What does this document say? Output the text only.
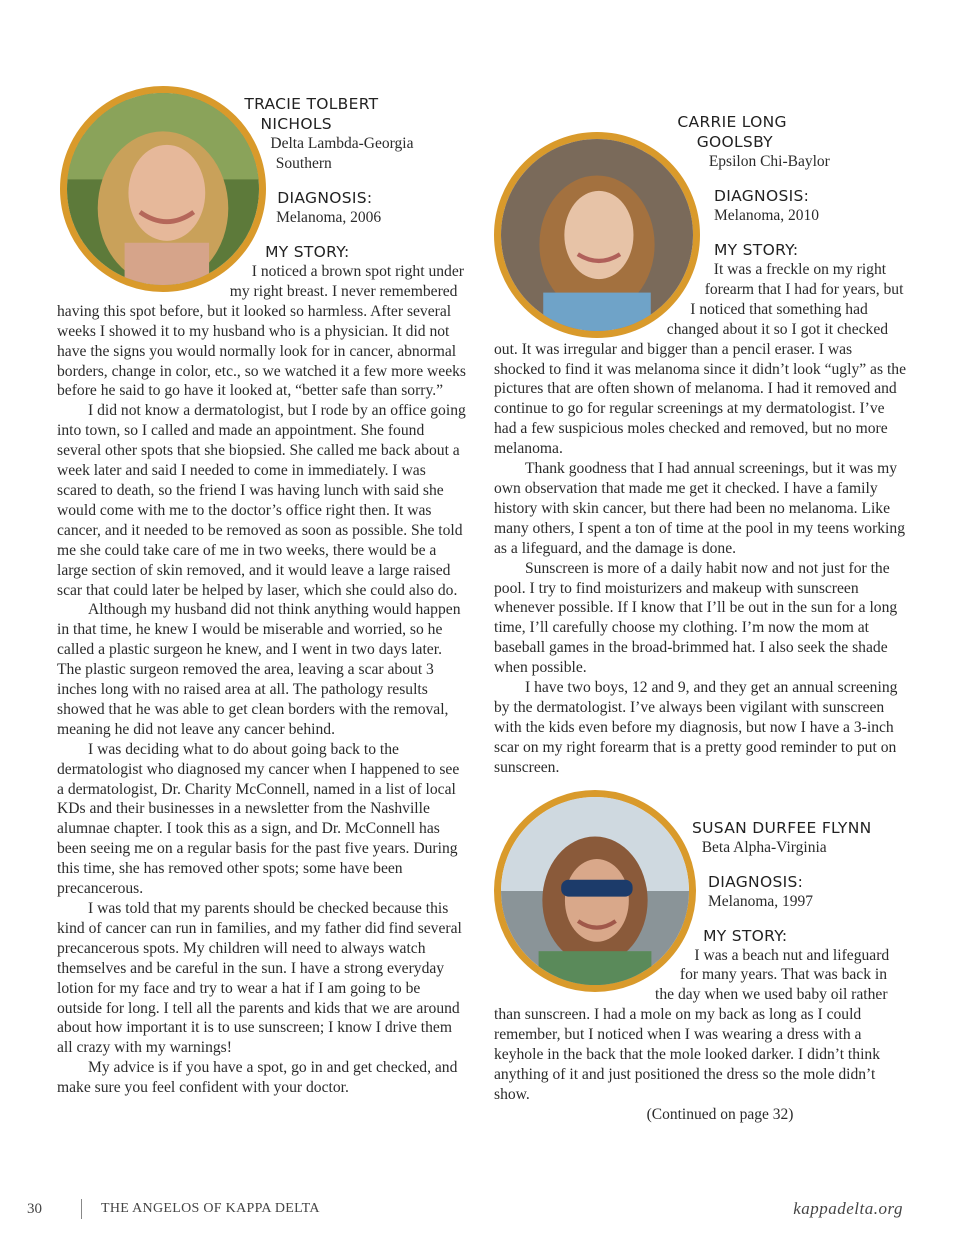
TRACIE TOLBERT
NICHOLS
Delta Lambda-Georgia
Southern
DIAGNOSIS:
Melanoma, 2006
MY STORY:

I noticed a brown spot right under my right breast. I never remembered having this spot before, but it looked so harmless. After several weeks I showed it to my husband who is a physician. It did not have the signs you would normally look for in cancer, abnormal borders, change in color, etc., so we watched it a few more weeks before he said to go have it looked at, “better safe than sorry.”

I did not know a dermatologist, but I rode by an office going into town, so I called and made an appointment. She found several other spots that she biopsied. She called me back about a week later and said I needed to come in immediately. I was scared to death, so the friend I was having lunch with said she would come with me to the doctor’s office right then. It was cancer, and it needed to be removed as soon as possible. She told me she could take care of me in two weeks, there would be a large section of skin removed, and it would leave a large raised scar that could later be helped by laser, which she could also do.

Although my husband did not think anything would happen in that time, he knew I would be miserable and worried, so he called a plastic surgeon he knew, and I went in two days later. The plastic surgeon removed the area, leaving a scar about 3 inches long with no raised area at all. The pathology results showed that he was able to get clean borders with the removal, meaning he did not leave any cancer behind.

I was deciding what to do about going back to the dermatologist who diagnosed my cancer when I happened to see a dermatologist, Dr. Charity McConnell, named in a list of local KDs and their businesses in a newsletter from the Nashville alumnae chapter. I took this as a sign, and Dr. McConnell has been seeing me on a regular basis for the past five years. During this time, she has removed other spots; some have been precancerous.

I was told that my parents should be checked because this kind of cancer can run in families, and my father did find several precancerous spots. My children will need to always watch themselves and be careful in the sun. I have a strong everyday lotion for my face and try to wear a hat if I am going to be outside for long. I tell all the parents and kids that we are around about how important it is to use sunscreen; I know I drive them all crazy with my warnings!

My advice is if you have a spot, go in and get checked, and make sure you feel confident with your doctor.

CARRIE LONG
GOOLSBY
Epsilon Chi-Baylor
DIAGNOSIS:
Melanoma, 2010
MY STORY:

It was a freckle on my right forearm that I had for years, but I noticed that something had changed about it so I got it checked out. It was irregular and bigger than a pencil eraser. I was shocked to find it was melanoma since it didn’t look “ugly” as the pictures that are often shown of melanoma. I had it removed and continue to go for regular screenings at my dermatologist. I’ve had a few suspicious moles checked and removed, but no more melanoma.

Thank goodness that I had annual screenings, but it was my own observation that made me get it checked. I have a family history with skin cancer, but there had been no melanoma. Like many others, I spent a ton of time at the pool in my teens working as a lifeguard, and the damage is done.

Sunscreen is more of a daily habit now and not just for the pool. I try to find moisturizers and makeup with sunscreen whenever possible. If I know that I’ll be out in the sun for a long time, I’ll carefully choose my clothing. I’m now the mom at baseball games in the broad-brimmed hat. I also seek the shade when possible.

I have two boys, 12 and 9, and they get an annual screening by the dermatologist. I’ve always been vigilant with sunscreen with the kids even before my diagnosis, but now I have a 3-inch scar on my right forearm that is a pretty good reminder to put on sunscreen.

SUSAN DURFEE FLYNN
Beta Alpha-Virginia
DIAGNOSIS:
Melanoma, 1997
MY STORY:

I was a beach nut and lifeguard for many years. That was back in the day when we used baby oil rather than sunscreen. I had a mole on my back as long as I could remember, but I noticed when I was wearing a dress with a keyhole in the back that the mole looked darker. I didn’t think anything of it and just positioned the dress so the mole didn’t show.

(Continued on page 32)
30	THE ANGELOS OF KAPPA DELTA	kappadelta.org
